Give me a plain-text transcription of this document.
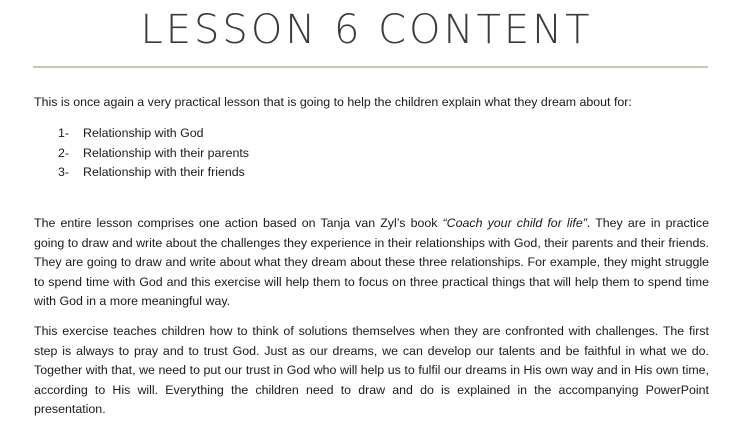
LESSON 6 CONTENT
This is once again a very practical lesson that is going to help the children explain what they dream about for:
1-	Relationship with God
2-	Relationship with their parents
3-	Relationship with their friends

The entire lesson comprises one action based on Tanja van Zyl’s book “Coach your child for life”. They are in practice going to draw and write about the challenges they experience in their relationships with God, their parents and their friends. They are going to draw and write about what they dream about these three relationships. For example, they might struggle to spend time with God and this exercise will help them to focus on three practical things that will help them to spend time with God in a more meaningful way.

This exercise teaches children how to think of solutions themselves when they are confronted with challenges. The first step is always to pray and to trust God. Just as our dreams, we can develop our talents and be faithful in what we do. Together with that, we need to put our trust in God who will help us to fulfil our dreams in His own way and in His own time, according to His will. Everything the children need to draw and do is explained in the accompanying PowerPoint presentation.
